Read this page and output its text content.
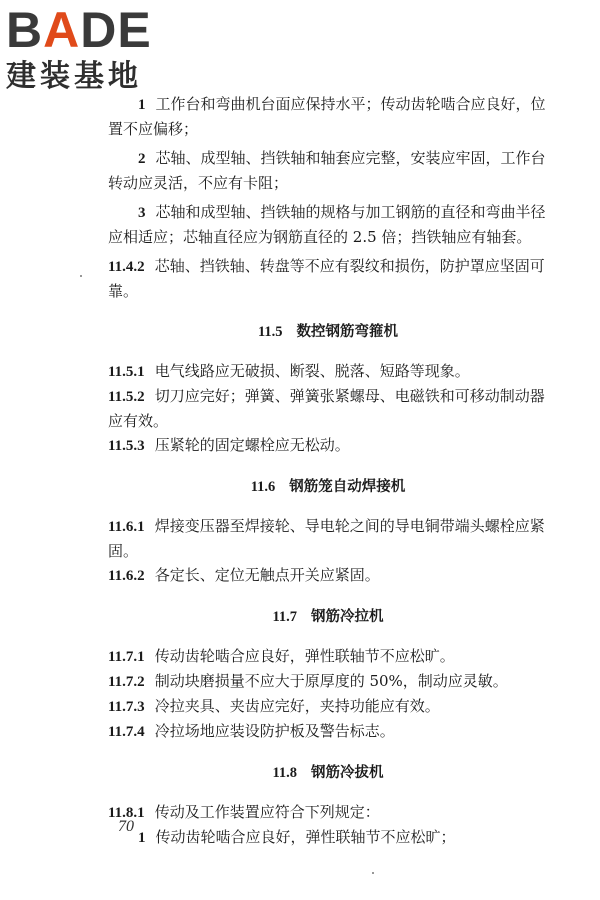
BADE
建装基地

1 工作台和弯曲机台面应保持水平；传动齿轮啮合应良好，位置不应偏移；

2 芯轴、成型轴、挡铁轴和轴套应完整，安装应牢固，工作台转动应灵活，不应有卡阻；

3 芯轴和成型轴、挡铁轴的规格与加工钢筋的直径和弯曲半径应相适应；芯轴直径应为钢筋直径的 2.5 倍；挡铁轴应有轴套。

11.4.2 芯轴、挡铁轴、转盘等不应有裂纹和损伤，防护罩应坚固可靠。

11.5 数控钢筋弯箍机

11.5.1 电气线路应无破损、断裂、脱落、短路等现象。

11.5.2 切刀应完好；弹簧、弹簧张紧螺母、电磁铁和可移动制动器应有效。

11.5.3 压紧轮的固定螺栓应无松动。

11.6 钢筋笼自动焊接机

11.6.1 焊接变压器至焊接轮、导电轮之间的导电铜带端头螺栓应紧固。

11.6.2 各定长、定位无触点开关应紧固。

11.7 钢筋冷拉机

11.7.1 传动齿轮啮合应良好，弹性联轴节不应松旷。

11.7.2 制动块磨损量不应大于原厚度的 50%，制动应灵敏。

11.7.3 冷拉夹具、夹齿应完好，夹持功能应有效。

11.7.4 冷拉场地应装设防护板及警告标志。

11.8 钢筋冷拔机

11.8.1 传动及工作装置应符合下列规定：

1 传动齿轮啮合应良好，弹性联轴节不应松旷；

70
